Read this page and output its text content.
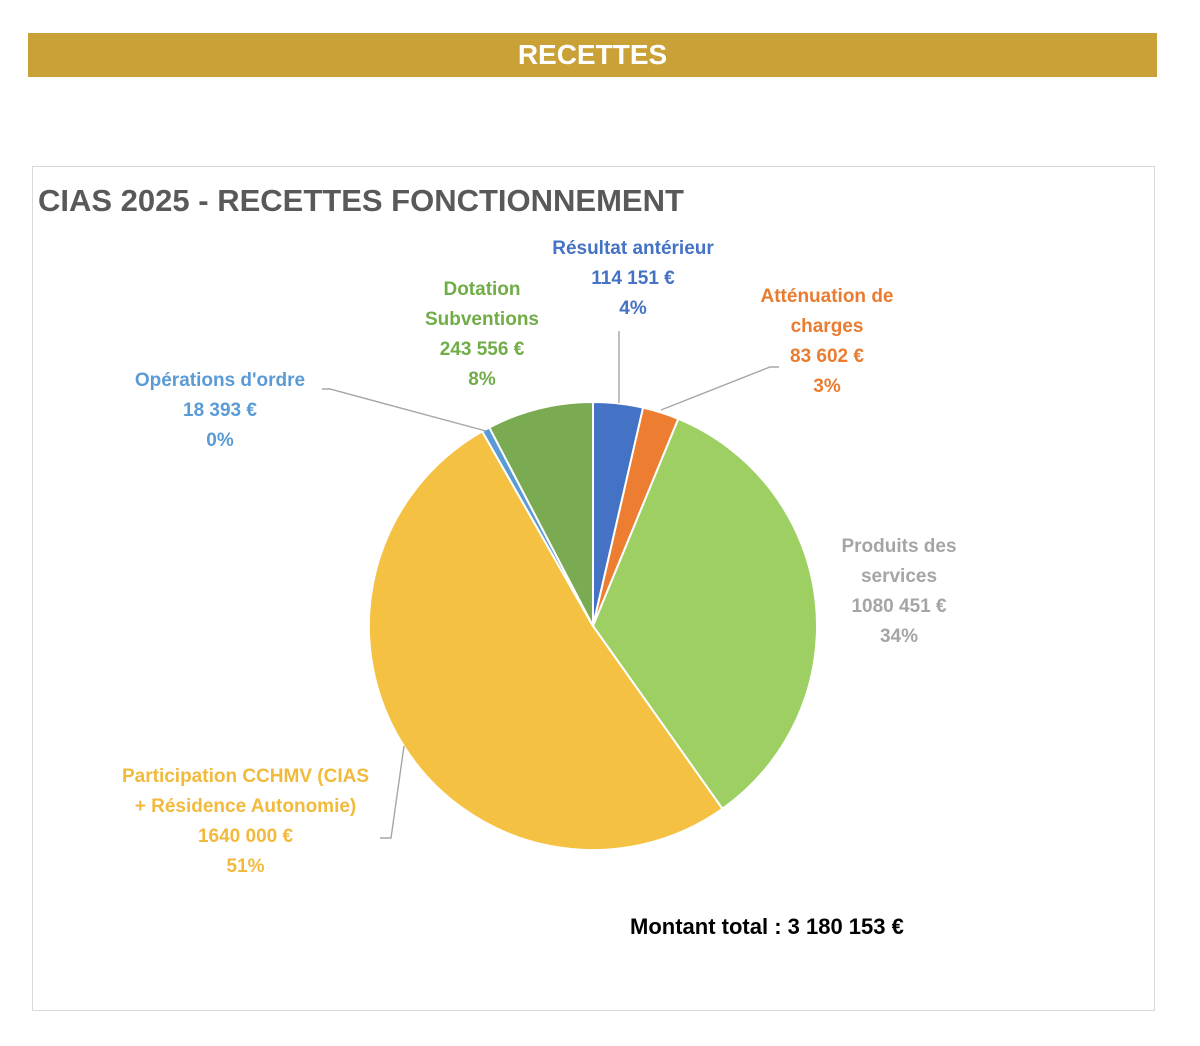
RECETTES
CIAS 2025 - RECETTES FONCTIONNEMENT
Résultat antérieur
114 151 €
4%
Atténuation de charges
83 602 €
3%
Produits des services
1080 451 €
34%
Participation CCHMV (CIAS + Résidence Autonomie)
1640 000 €
51%
Opérations d'ordre
18 393 €
0%
Dotation Subventions
243 556 €
8%
Montant total : 3 180 153 €
